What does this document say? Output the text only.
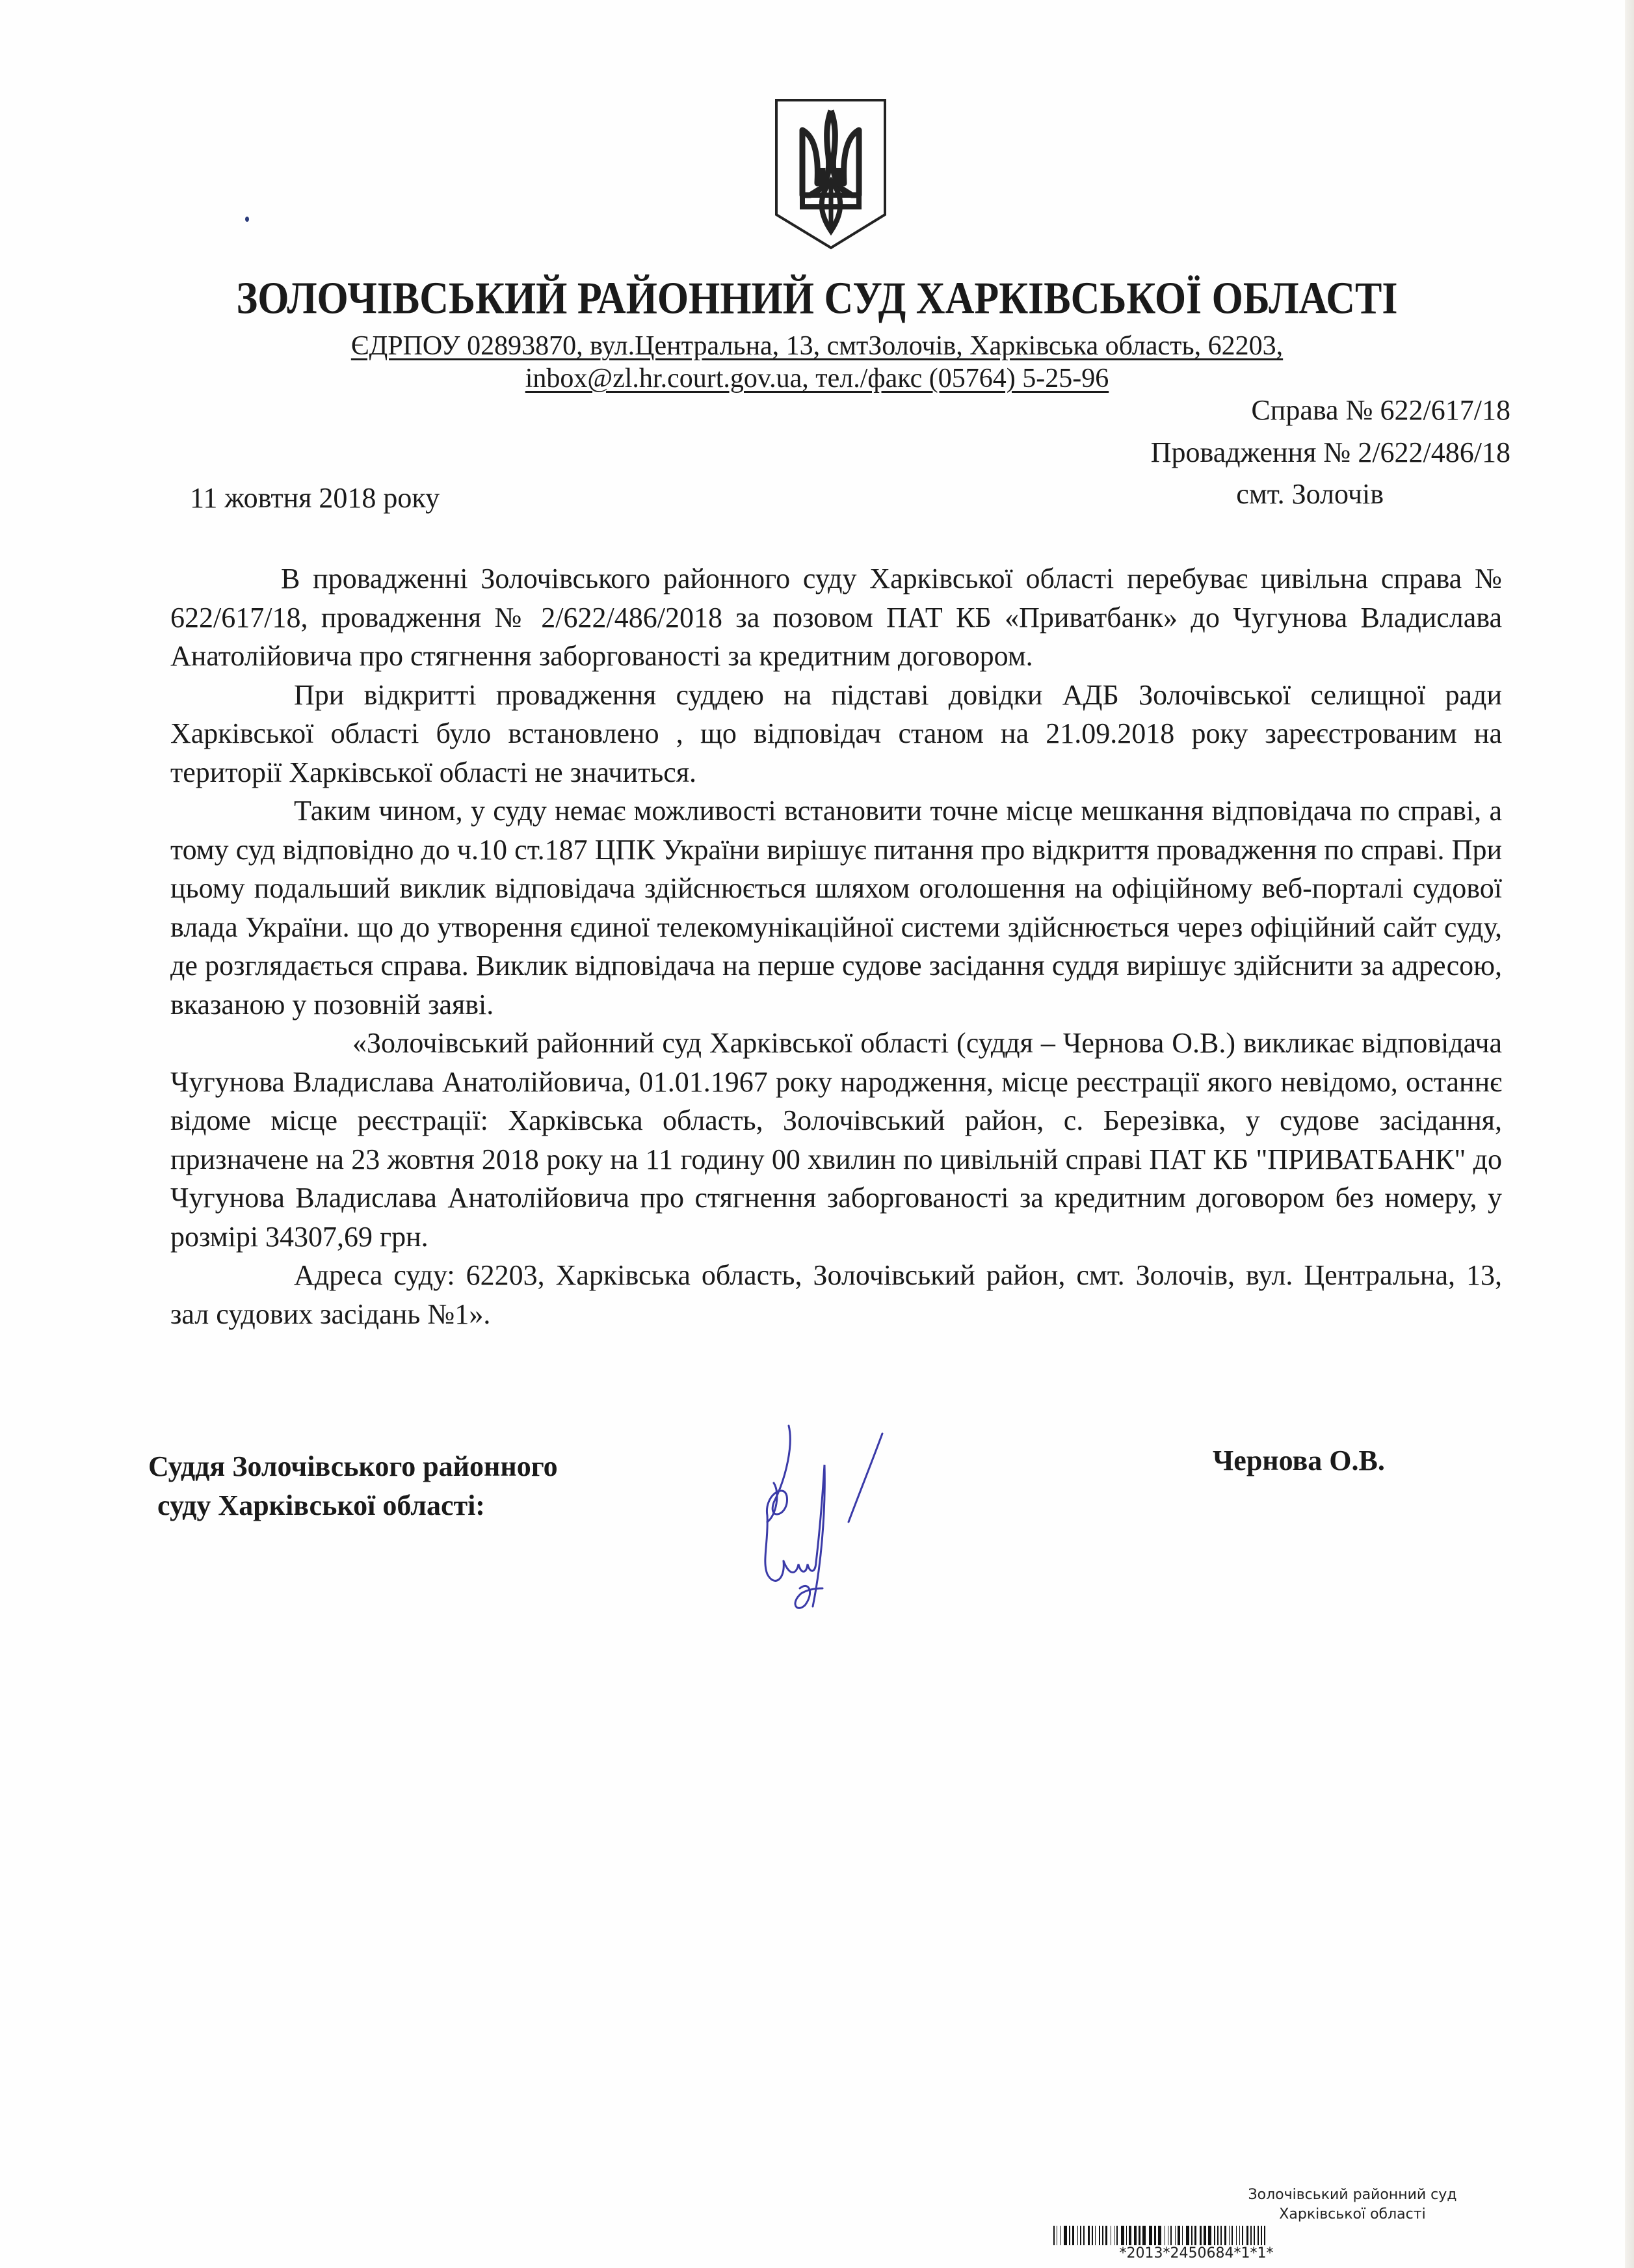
ЗОЛОЧІВСЬКИЙ РАЙОННИЙ СУД ХАРКІВСЬКОЇ ОБЛАСТІ
ЄДРПОУ 02893870, вул.Центральна, 13, смтЗолочів, Харківська область, 62203,
inbox@zl.hr.court.gov.ua, тел./факс (05764) 5-25-96
Справа № 622/617/18
Провадження № 2/622/486/18
11 жовтня 2018 року	смт. Золочів

В провадженні Золочівського районного суду Харківської області перебуває цивільна справа № 622/617/18, провадження № 2/622/486/2018 за позовом ПАТ КБ «Приватбанк» до Чугунова Владислава Анатолійовича про стягнення заборгованості за кредитним договором.

При відкритті провадження суддею на підставі довідки АДБ Золочівської селищної ради Харківської області було встановлено , що відповідач станом на 21.09.2018 року зареєстрованим на території Харківської області не значиться.

Таким чином, у суду немає можливості встановити точне місце мешкання відповідача по справі, а тому суд відповідно до ч.10 ст.187 ЦПК України вирішує питання про відкриття провадження по справі. При цьому подальший виклик відповідача здійснюється шляхом оголошення на офіційному веб-порталі судової влада України. що до утворення єдиної телекомунікаційної системи здійснюється через офіційний сайт суду, де розглядається справа. Виклик відповідача на перше судове засідання суддя вирішує здійснити за адресою, вказаною у позовній заяві.

«Золочівський районний суд Харківської області (суддя – Чернова О.В.) викликає відповідача Чугунова Владислава Анатолійовича, 01.01.1967 року народження, місце реєстрації якого невідомо, останнє відоме місце реєстрації: Харківська область, Золочівський район, с. Березівка, у судове засідання, призначене на 23 жовтня 2018 року на 11 годину 00 хвилин по цивільній справі ПАТ КБ "ПРИВАТБАНК" до Чугунова Владислава Анатолійовича про стягнення заборгованості за кредитним договором без номеру, у розмірі 34307,69 грн.

Адреса суду: 62203, Харківська область, Золочівський район, смт. Золочів, вул. Центральна, 13, зал судових засідань №1».

Суддя Золочівського районного
суду Харківської області:
Чернова О.В.
Золочівський районний суд
Харківської області
*2013*2450684*1*1*
